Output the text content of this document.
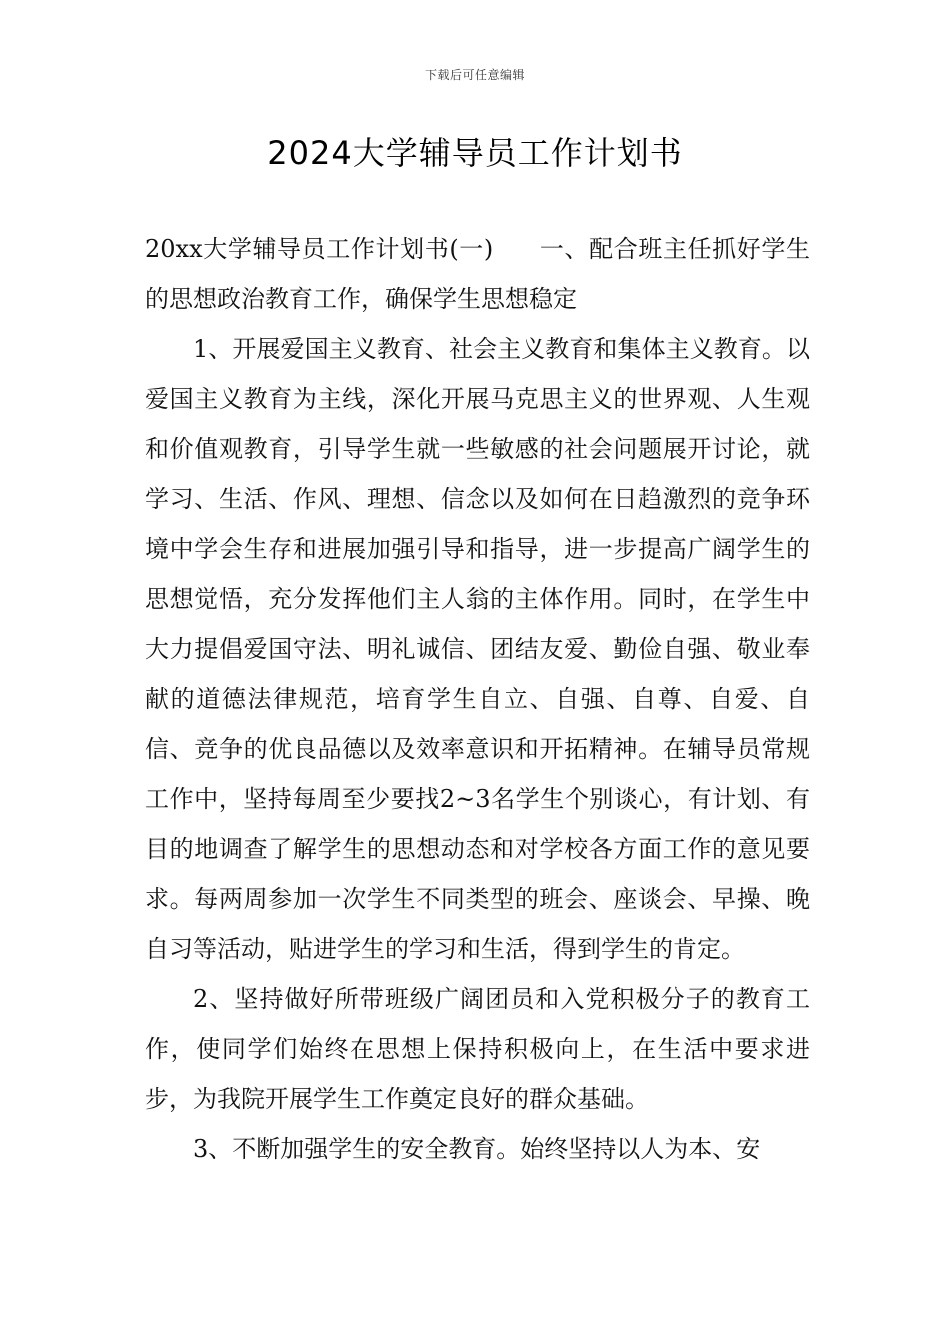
下载后可任意编辑
2024大学辅导员工作计划书

20xx大学辅导员工作计划书(一) 一、配合班主任抓好学生的思想政治教育工作，确保学生思想稳定

1、开展爱国主义教育、社会主义教育和集体主义教育。以爱国主义教育为主线，深化开展马克思主义的世界观、人生观和价值观教育，引导学生就一些敏感的社会问题展开讨论，就学习、生活、作风、理想、信念以及如何在日趋激烈的竞争环境中学会生存和进展加强引导和指导，进一步提高广阔学生的思想觉悟，充分发挥他们主人翁的主体作用。同时，在学生中大力提倡爱国守法、明礼诚信、团结友爱、勤俭自强、敬业奉献的道德法律规范，培育学生自立、自强、自尊、自爱、自信、竞争的优良品德以及效率意识和开拓精神。在辅导员常规工作中，坚持每周至少要找2~3名学生个别谈心，有计划、有目的地调查了解学生的思想动态和对学校各方面工作的意见要求。每两周参加一次学生不同类型的班会、座谈会、早操、晚自习等活动，贴进学生的学习和生活，得到学生的肯定。

2、坚持做好所带班级广阔团员和入党积极分子的教育工作，使同学们始终在思想上保持积极向上，在生活中要求进步，为我院开展学生工作奠定良好的群众基础。

3、不断加强学生的安全教育。始终坚持以人为本、安
